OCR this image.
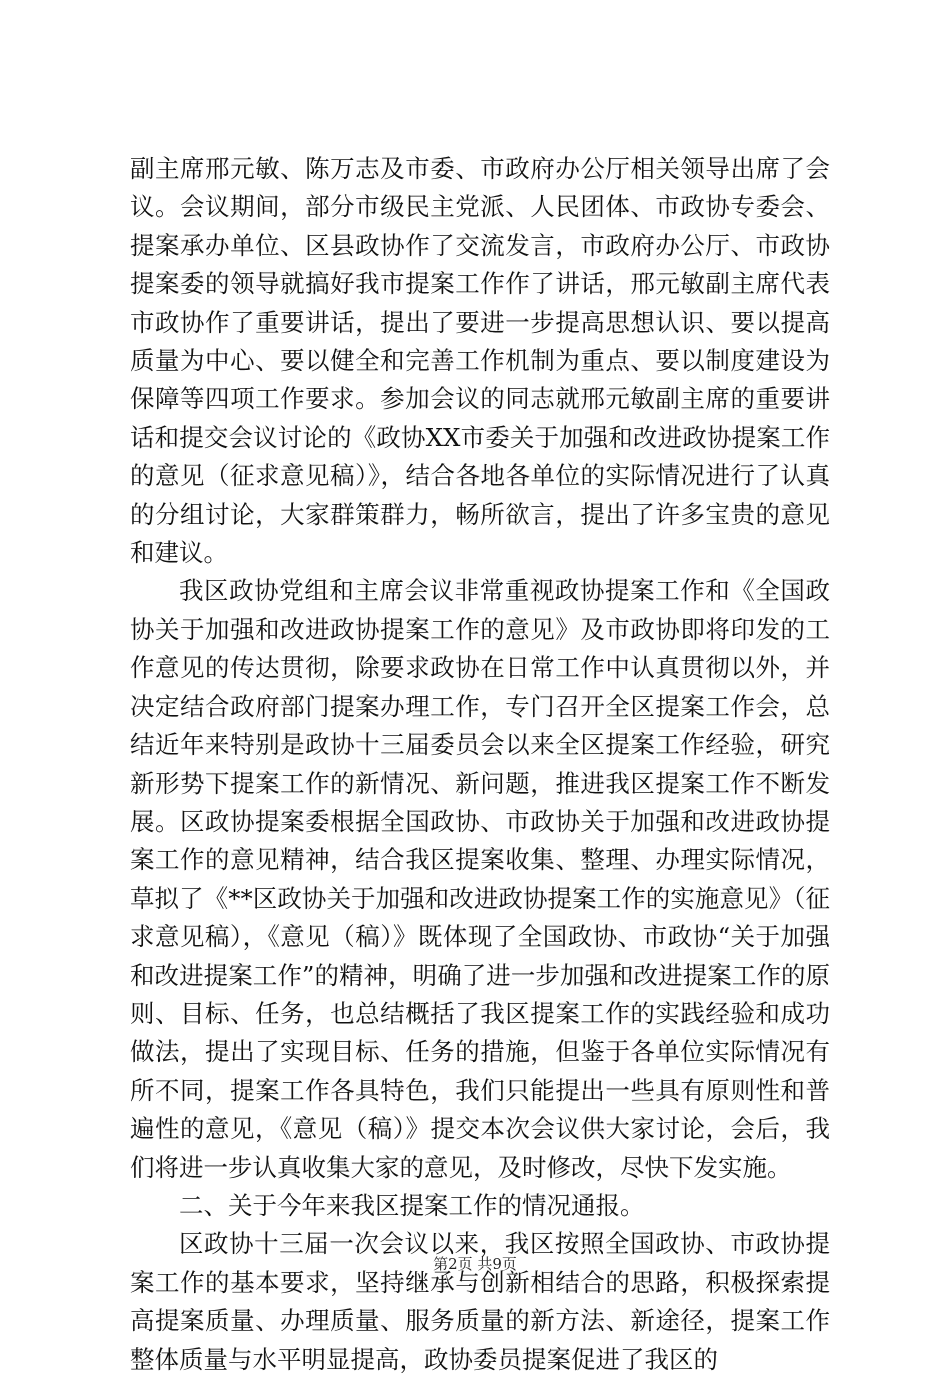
副主席邢元敏、陈万志及市委、市政府办公厅相关领导出席了会议。会议期间，部分市级民主党派、人民团体、市政协专委会、提案承办单位、区县政协作了交流发言，市政府办公厅、市政协提案委的领导就搞好我市提案工作作了讲话，邢元敏副主席代表市政协作了重要讲话，提出了要进一步提高思想认识、要以提高质量为中心、要以健全和完善工作机制为重点、要以制度建设为保障等四项工作要求。参加会议的同志就邢元敏副主席的重要讲话和提交会议讨论的《政协XX市委关于加强和改进政协提案工作的意见（征求意见稿）》，结合各地各单位的实际情况进行了认真的分组讨论，大家群策群力，畅所欲言，提出了许多宝贵的意见和建议。

我区政协党组和主席会议非常重视政协提案工作和《全国政协关于加强和改进政协提案工作的意见》及市政协即将印发的工作意见的传达贯彻，除要求政协在日常工作中认真贯彻以外，并决定结合政府部门提案办理工作，专门召开全区提案工作会，总结近年来特别是政协十三届委员会以来全区提案工作经验，研究新形势下提案工作的新情况、新问题，推进我区提案工作不断发展。区政协提案委根据全国政协、市政协关于加强和改进政协提案工作的意见精神，结合我区提案收集、整理、办理实际情况，草拟了《**区政协关于加强和改进政协提案工作的实施意见》（征求意见稿），《意见（稿）》既体现了全国政协、市政协“关于加强和改进提案工作”的精神，明确了进一步加强和改进提案工作的原则、目标、任务，也总结概括了我区提案工作的实践经验和成功做法，提出了实现目标、任务的措施，但鉴于各单位实际情况有所不同，提案工作各具特色，我们只能提出一些具有原则性和普遍性的意见，《意见（稿）》提交本次会议供大家讨论，会后，我们将进一步认真收集大家的意见，及时修改，尽快下发实施。

二、关于今年来我区提案工作的情况通报。

区政协十三届一次会议以来，我区按照全国政协、市政协提案工作的基本要求，坚持继承与创新相结合的思路，积极探索提高提案质量、办理质量、服务质量的新方法、新途径，提案工作整体质量与水平明显提高，政协委员提案促进了我区的

第2页 共9页
